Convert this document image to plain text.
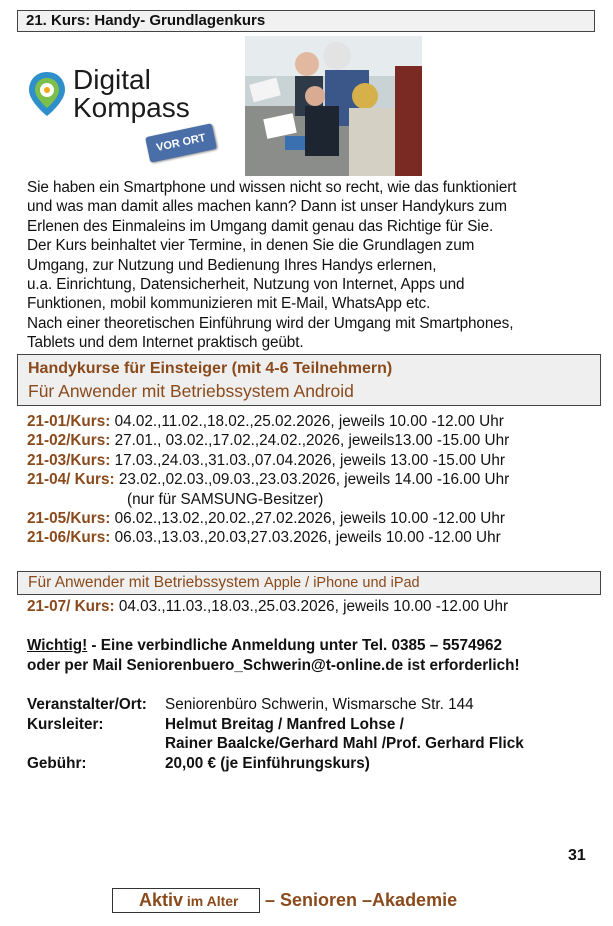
21. Kurs: Handy- Grundlagenkurs
Digital
Kompass
VOR ORT
Sie haben ein Smartphone und wissen nicht so recht, wie das funktioniert
und was man damit alles machen kann? Dann ist unser Handykurs zum
Erlenen des Einmaleins im Umgang damit genau das Richtige für Sie.
Der Kurs beinhaltet vier Termine, in denen Sie die Grundlagen zum
Umgang, zur Nutzung und Bedienung Ihres Handys erlernen,
u.a. Einrichtung, Datensicherheit, Nutzung von Internet, Apps und
Funktionen, mobil kommunizieren mit E-Mail, WhatsApp etc.
Nach einer theoretischen Einführung wird der Umgang mit Smartphones,
Tablets und dem Internet praktisch geübt.
Handykurse für Einsteiger (mit 4-6 Teilnehmern)
Für Anwender mit Betriebssystem Android
21-01/Kurs: 04.02.,11.02.,18.02.,25.02.2026, jeweils 10.00 -12.00 Uhr
21-02/Kurs: 27.01., 03.02.,17.02.,24.02.,2026, jeweils13.00 -15.00 Uhr
21-03/Kurs: 17.03.,24.03.,31.03.,07.04.2026, jeweils 13.00 -15.00 Uhr
21-04/ Kurs: 23.02.,02.03.,09.03.,23.03.2026, jeweils 14.00 -16.00 Uhr
(nur für SAMSUNG-Besitzer)
21-05/Kurs: 06.02.,13.02.,20.02.,27.02.2026, jeweils 10.00 -12.00 Uhr
21-06/Kurs: 06.03.,13.03.,20.03,27.03.2026, jeweils 10.00 -12.00 Uhr
Für Anwender mit Betriebssystem Apple / iPhone und iPad
21-07/ Kurs: 04.03.,11.03.,18.03.,25.03.2026, jeweils 10.00 -12.00 Uhr
Wichtig! - Eine verbindliche Anmeldung unter Tel. 0385 – 5574962
oder per Mail Seniorenbuero_Schwerin@t-online.de ist erforderlich!
Veranstalter/Ort: Seniorenbüro Schwerin, Wismarsche Str. 144
Kursleiter:	Helmut Breitag / Manfred Lohse /
Rainer Baalcke/Gerhard Mahl /Prof. Gerhard Flick
Gebühr:	20,00 € (je Einführungskurs)
31
Aktiv im Alter – Senioren –Akademie
